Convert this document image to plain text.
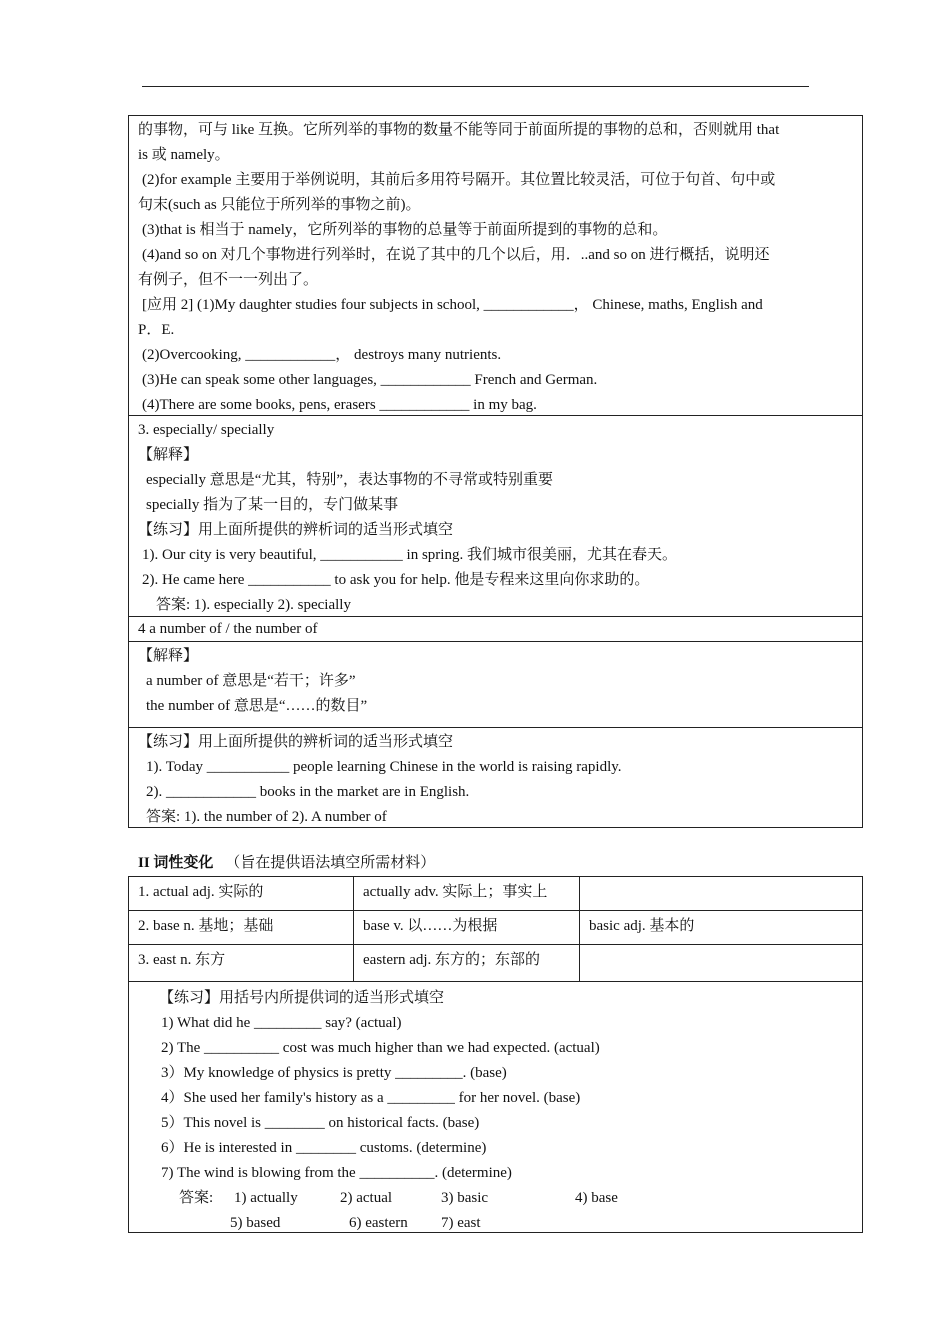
的事物，可与 like 互换。它所列举的事物的数量不能等同于前面所提的事物的总和，否则就用 that
is 或 namely。
(2)for example 主要用于举例说明，其前后多用符号隔开。其位置比较灵活，可位于句首、句中或
句末(such as 只能位于所列举的事物之前)。
(3)that is 相当于 namely，它所列举的事物的总量等于前面所提到的事物的总和。
(4)and so on 对几个事物进行列举时，在说了其中的几个以后，用．..and so on 进行概括，说明还
有例子，但不一一列出了。
[应用 2] (1)My daughter studies four subjects in school, ____________， Chinese, maths, English and
P．E.
(2)Overcooking, ____________， destroys many nutrients.
(3)He can speak some other languages, ____________ French and German.
(4)There are some books, pens, erasers ____________ in my bag.
3. especially/ specially
【解释】
especially 意思是“尤其，特别”，表达事物的不寻常或特别重要
specially 指为了某一目的，专门做某事
【练习】用上面所提供的辨析词的适当形式填空
1). Our city is very beautiful, ___________ in spring. 我们城市很美丽，尤其在春天。
2). He came here ___________ to ask you for help. 他是专程来这里向你求助的。
答案: 1). especially 2). specially
4 a number of / the number of
【解释】
a number of 意思是“若干；许多”
the number of 意思是“……的数目”
【练习】用上面所提供的辨析词的适当形式填空
1). Today ___________ people learning Chinese in the world is raising rapidly.
2). ____________ books in the market are in English.
答案: 1). the number of 2). A number of
II 词性变化 （旨在提供语法填空所需材料）
1. actual adj. 实际的	actually adv. 实际上；事实上
2. base n. 基地；基础	base v. 以……为根据	basic adj. 基本的
3. east n. 东方	eastern adj. 东方的；东部的
【练习】用括号内所提供词的适当形式填空
1) What did he _________ say? (actual)
2) The __________ cost was much higher than we had expected. (actual)
3）My knowledge of physics is pretty _________. (base)
4）She used her family's history as a _________ for her novel. (base)
5）This novel is ________ on historical facts. (base)
6）He is interested in ________ customs. (determine)
7) The wind is blowing from the __________. (determine)
答案: 1) actually	2) actual	3) basic	4) base
5) based	6) eastern 7) east
